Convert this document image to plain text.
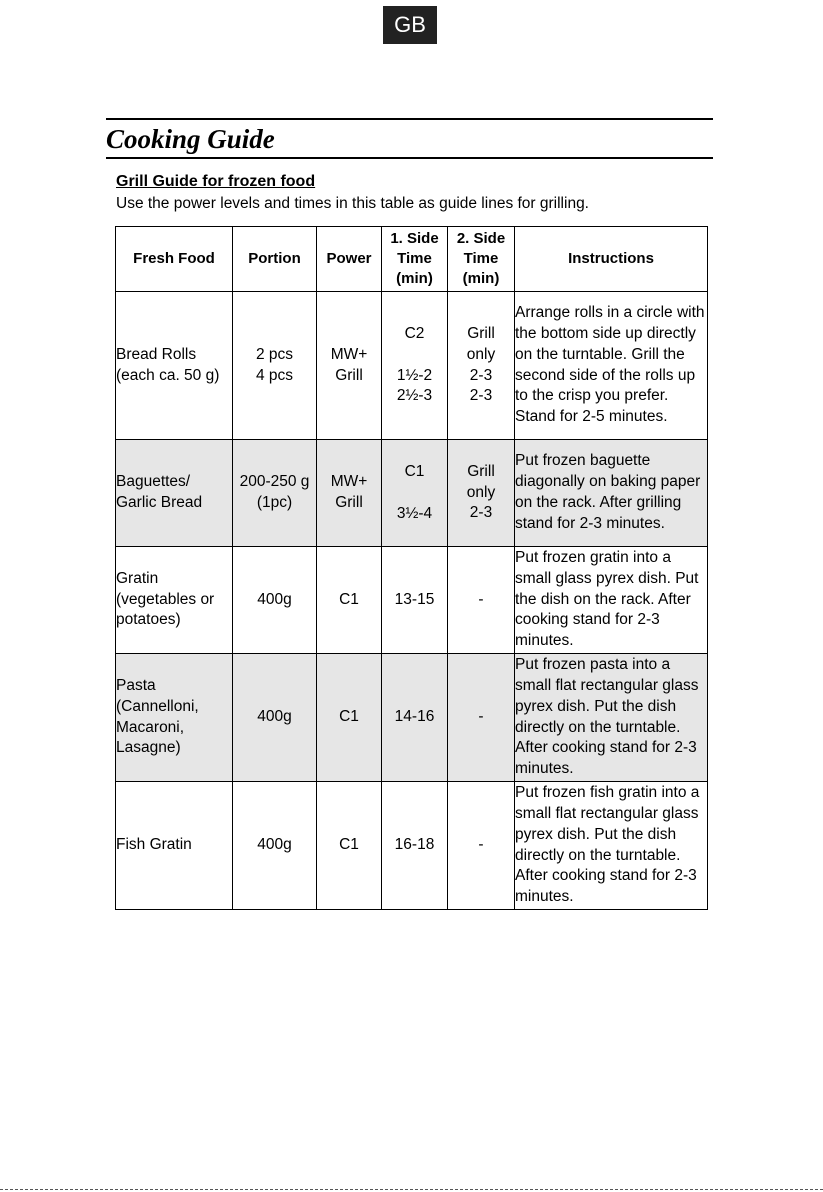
GB
Cooking Guide
Grill Guide for frozen food
Use the power levels and times in this table as guide lines for grilling.
Fresh Food	Portion	Power	1. Side
Time
(min)	2. Side
Time
(min)	Instructions

Bread Rolls
(each ca. 50 g)	2 pcs
4 pcs	MW+
Grill	C2
1½-2
2½-3	Grill
only
2-3
2-3	Arrange rolls in a circle with the bottom side up directly on the turntable. Grill the second side of the rolls up to the crisp you prefer. Stand for 2-5 minutes.

Baguettes/
Garlic Bread	200-250 g
(1pc)	MW+
Grill	C1
3½-4	Grill
only
2-3	Put frozen baguette diagonally on baking paper on the rack. After grilling stand for 2-3 minutes.

Gratin
(vegetables or
potatoes)	400g	C1	13-15	-	Put frozen gratin into a small glass pyrex dish. Put the dish on the rack. After cooking stand for 2-3 minutes.

Pasta
(Cannelloni,
Macaroni,
Lasagne)	400g	C1	14-16	-	Put frozen pasta into a small flat rectangular glass pyrex dish. Put the dish directly on the turntable. After cooking stand for 2-3 minutes.
Fish Gratin	400g	C1	16-18	-	Put frozen fish gratin into a small flat rectangular glass pyrex dish. Put the dish directly on the turntable. After cooking stand for 2-3 minutes.
